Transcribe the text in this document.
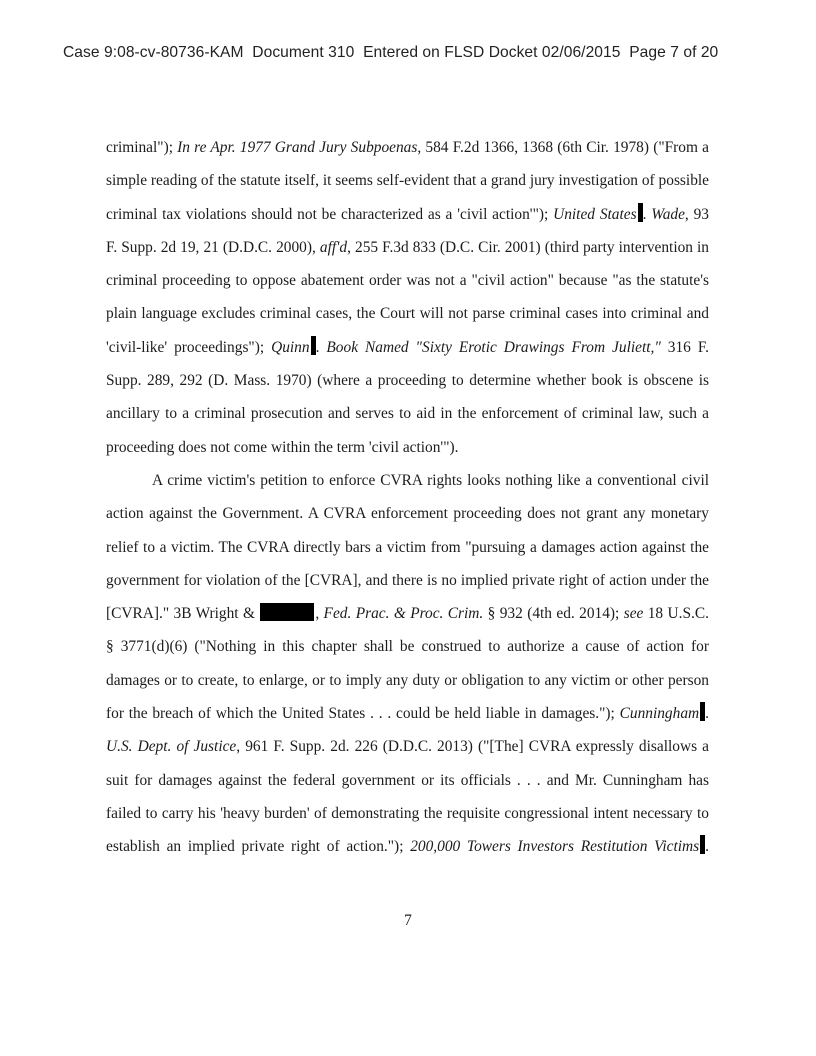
Case 9:08-cv-80736-KAM Document 310 Entered on FLSD Docket 02/06/2015 Page 7 of 20

criminal"); In re Apr. 1977 Grand Jury Subpoenas, 584 F.2d 1366, 1368 (6th Cir. 1978) ("From a simple reading of the statute itself, it seems self-evident that a grand jury investigation of possible criminal tax violations should not be characterized as a 'civil action'"); United States . Wade, 93 F. Supp. 2d 19, 21 (D.D.C. 2000), aff'd, 255 F.3d 833 (D.C. Cir. 2001) (third party intervention in criminal proceeding to oppose abatement order was not a "civil action" because "as the statute's plain language excludes criminal cases, the Court will not parse criminal cases into criminal and 'civil-like' proceedings"); Quinn . Book Named "Sixty Erotic Drawings From Juliett," 316 F. Supp. 289, 292 (D. Mass. 1970) (where a proceeding to determine whether book is obscene is ancillary to a criminal prosecution and serves to aid in the enforcement of criminal law, such a proceeding does not come within the term 'civil action'").

A crime victim's petition to enforce CVRA rights looks nothing like a conventional civil action against the Government. A CVRA enforcement proceeding does not grant any monetary relief to a victim. The CVRA directly bars a victim from "pursuing a damages action against the government for violation of the [CVRA], and there is no implied private right of action under the [CVRA]." 3B Wright &	, Fed. Prac. & Proc. Crim. § 932 (4th ed. 2014); see 18 U.S.C. § 3771(d)(6) ("Nothing in this chapter shall be construed to authorize a cause of action for damages or to create, to enlarge, or to imply any duty or obligation to any victim or other person for the breach of which the United States . . . could be held liable in damages."); Cunningham . U.S. Dept. of Justice, 961 F. Supp. 2d. 226 (D.D.C. 2013) ("[The] CVRA expressly disallows a suit for damages against the federal government or its officials . . . and Mr. Cunningham has failed to carry his 'heavy burden' of demonstrating the requisite congressional intent necessary to establish an implied private right of action."); 200,000 Towers Investors Restitution Victims .

7
